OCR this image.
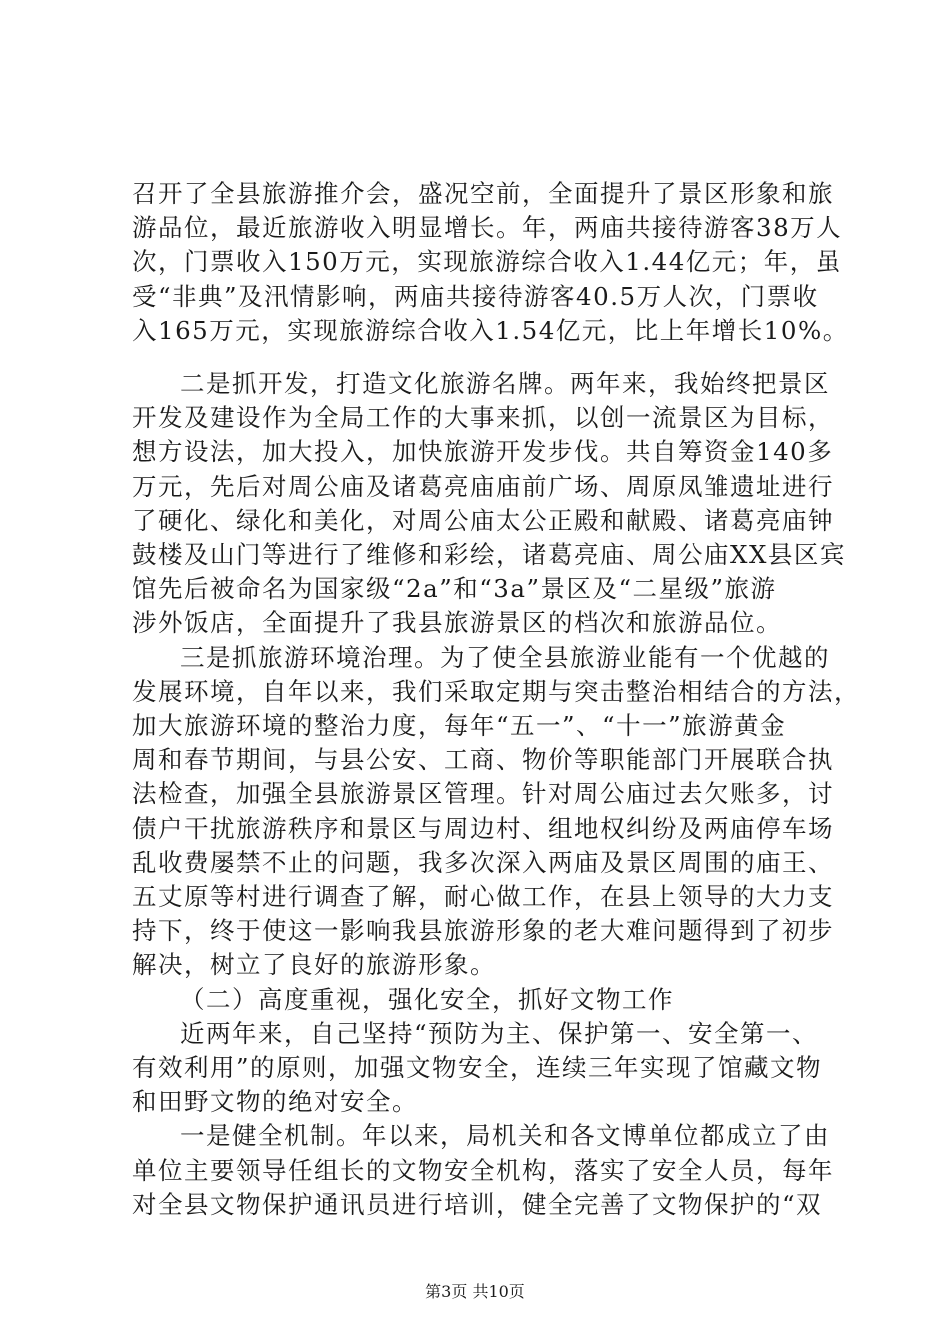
召开了全县旅游推介会，盛况空前，全面提升了景区形象和旅
游品位，最近旅游收入明显增长。年，两庙共接待游客38万人
次，门票收入150万元，实现旅游综合收入1.44亿元；年，虽
受“非典”及汛情影响，两庙共接待游客40.5万人次，门票收
入165万元，实现旅游综合收入1.54亿元，比上年增长10%。
二是抓开发，打造文化旅游名牌。两年来，我始终把景区
开发及建设作为全局工作的大事来抓，以创一流景区为目标，
想方设法，加大投入，加快旅游开发步伐。共自筹资金140多
万元，先后对周公庙及诸葛亮庙庙前广场、周原凤雏遗址进行
了硬化、绿化和美化，对周公庙太公正殿和献殿、诸葛亮庙钟
鼓楼及山门等进行了维修和彩绘，诸葛亮庙、周公庙XX县区宾
馆先后被命名为国家级“2a”和“3a”景区及“二星级”旅游
涉外饭店，全面提升了我县旅游景区的档次和旅游品位。
三是抓旅游环境治理。为了使全县旅游业能有一个优越的
发展环境，自年以来，我们采取定期与突击整治相结合的方法，
加大旅游环境的整治力度，每年“五一”、“十一”旅游黄金
周和春节期间，与县公安、工商、物价等职能部门开展联合执
法检查，加强全县旅游景区管理。针对周公庙过去欠账多，讨
债户干扰旅游秩序和景区与周边村、组地权纠纷及两庙停车场
乱收费屡禁不止的问题，我多次深入两庙及景区周围的庙王、
五丈原等村进行调查了解，耐心做工作，在县上领导的大力支
持下，终于使这一影响我县旅游形象的老大难问题得到了初步
解决，树立了良好的旅游形象。
（二）高度重视，强化安全，抓好文物工作
近两年来，自己坚持“预防为主、保护第一、安全第一、
有效利用”的原则，加强文物安全，连续三年实现了馆藏文物
和田野文物的绝对安全。
一是健全机制。年以来，局机关和各文博单位都成立了由
单位主要领导任组长的文物安全机构，落实了安全人员，每年
对全县文物保护通讯员进行培训，健全完善了文物保护的“双
第3页 共10页
